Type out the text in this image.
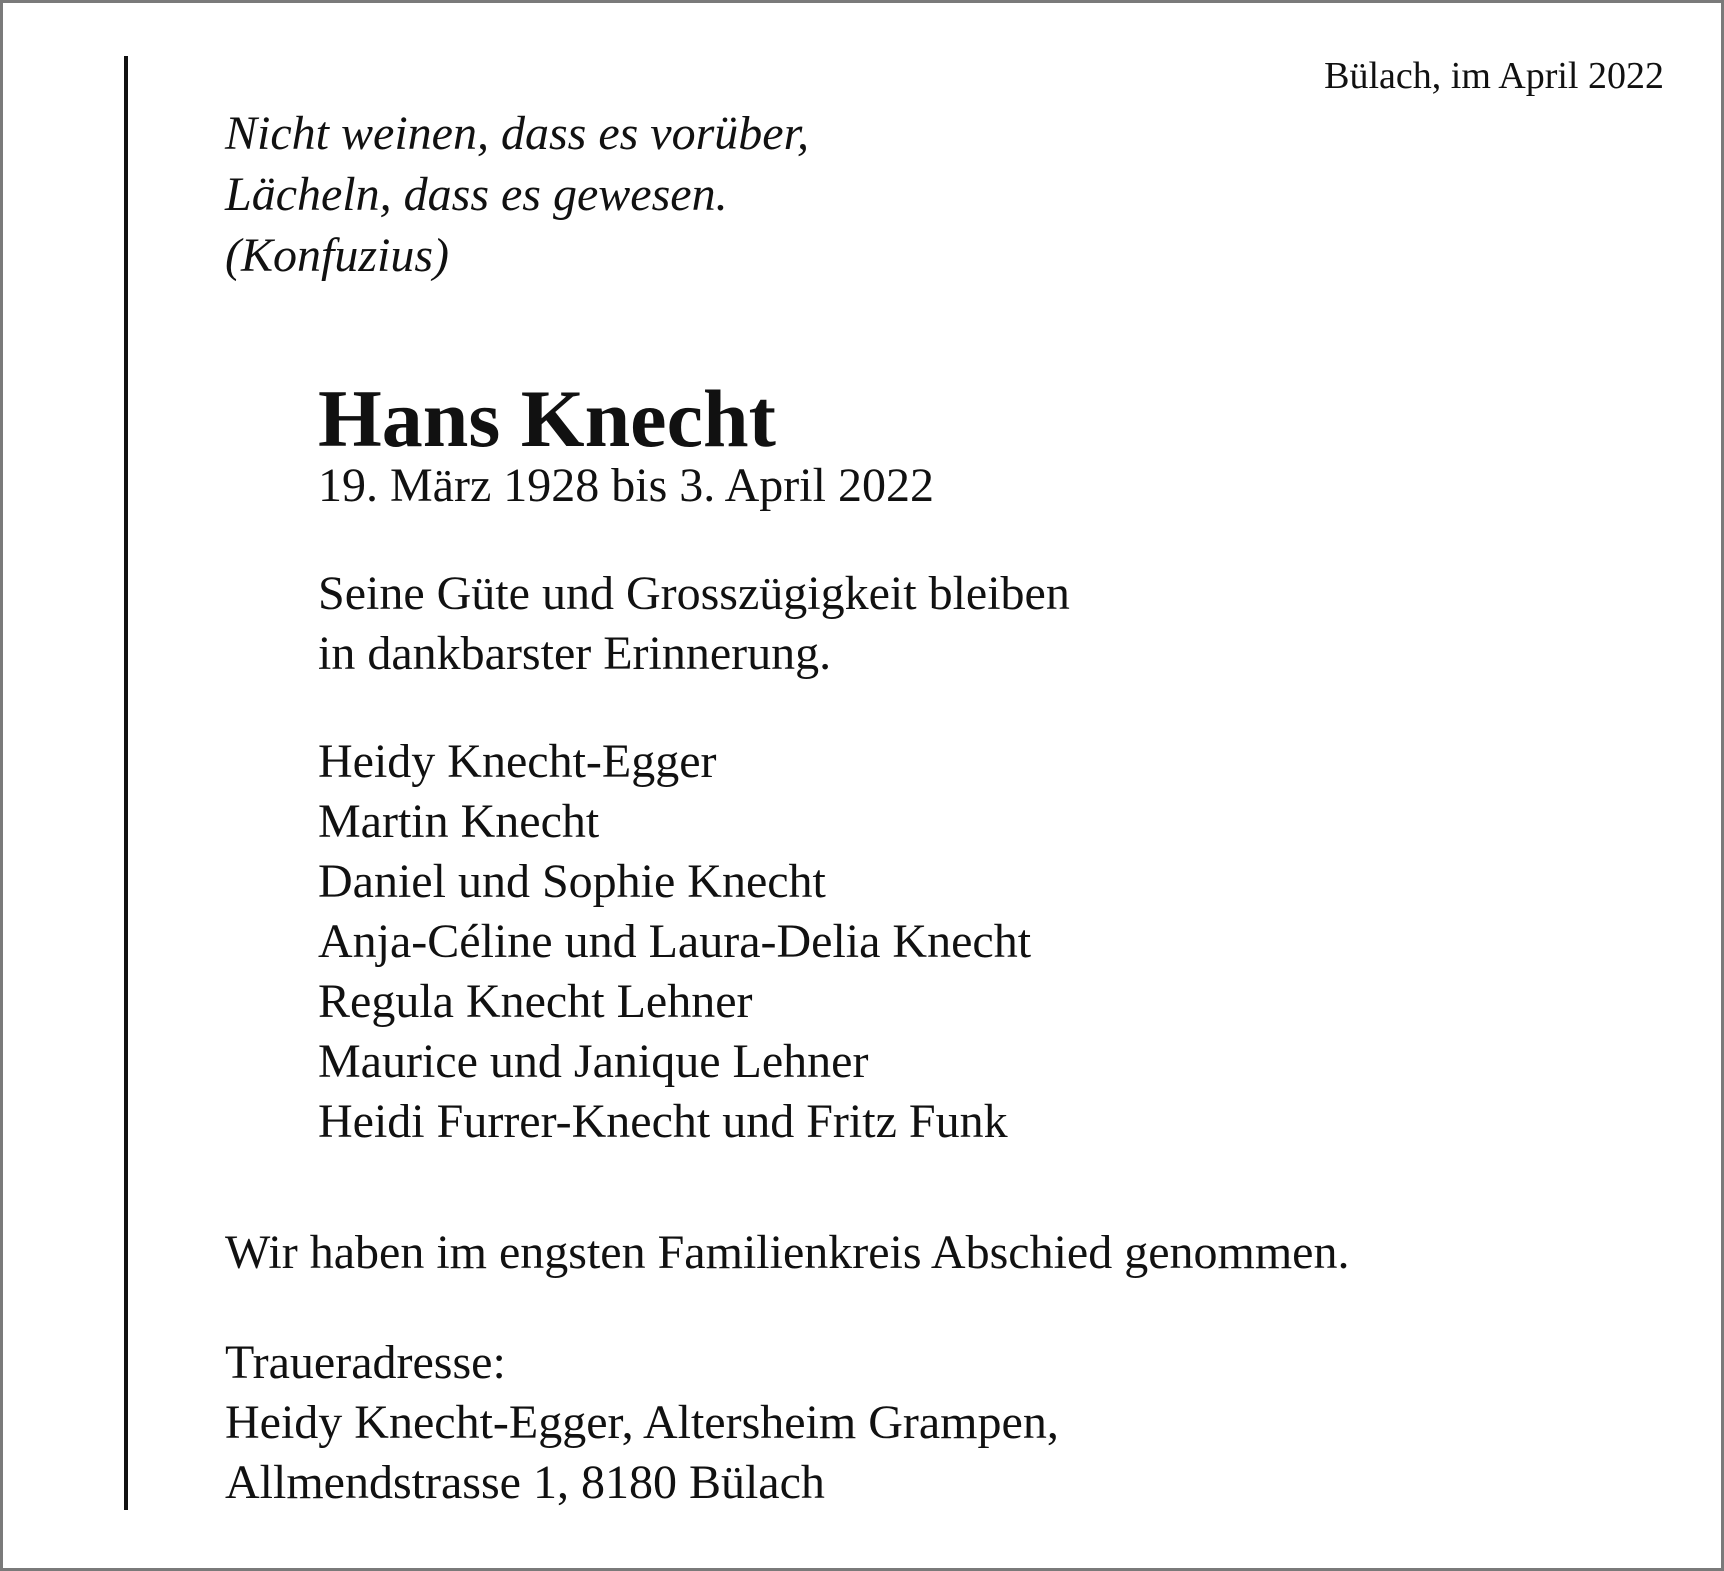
Bülach, im April 2022
Nicht weinen, dass es vorüber,
Lächeln, dass es gewesen.
(Konfuzius)
Hans Knecht
19. März 1928 bis 3. April 2022
Seine Güte und Grosszügigkeit bleiben
in dankbarster Erinnerung.
Heidy Knecht-Egger
Martin Knecht
Daniel und Sophie Knecht
Anja-Céline und Laura-Delia Knecht
Regula Knecht Lehner
Maurice und Janique Lehner
Heidi Furrer-Knecht und Fritz Funk
Wir haben im engsten Familienkreis Abschied genommen.
Traueradresse:
Heidy Knecht-Egger, Altersheim Grampen,
Allmendstrasse 1, 8180 Bülach
